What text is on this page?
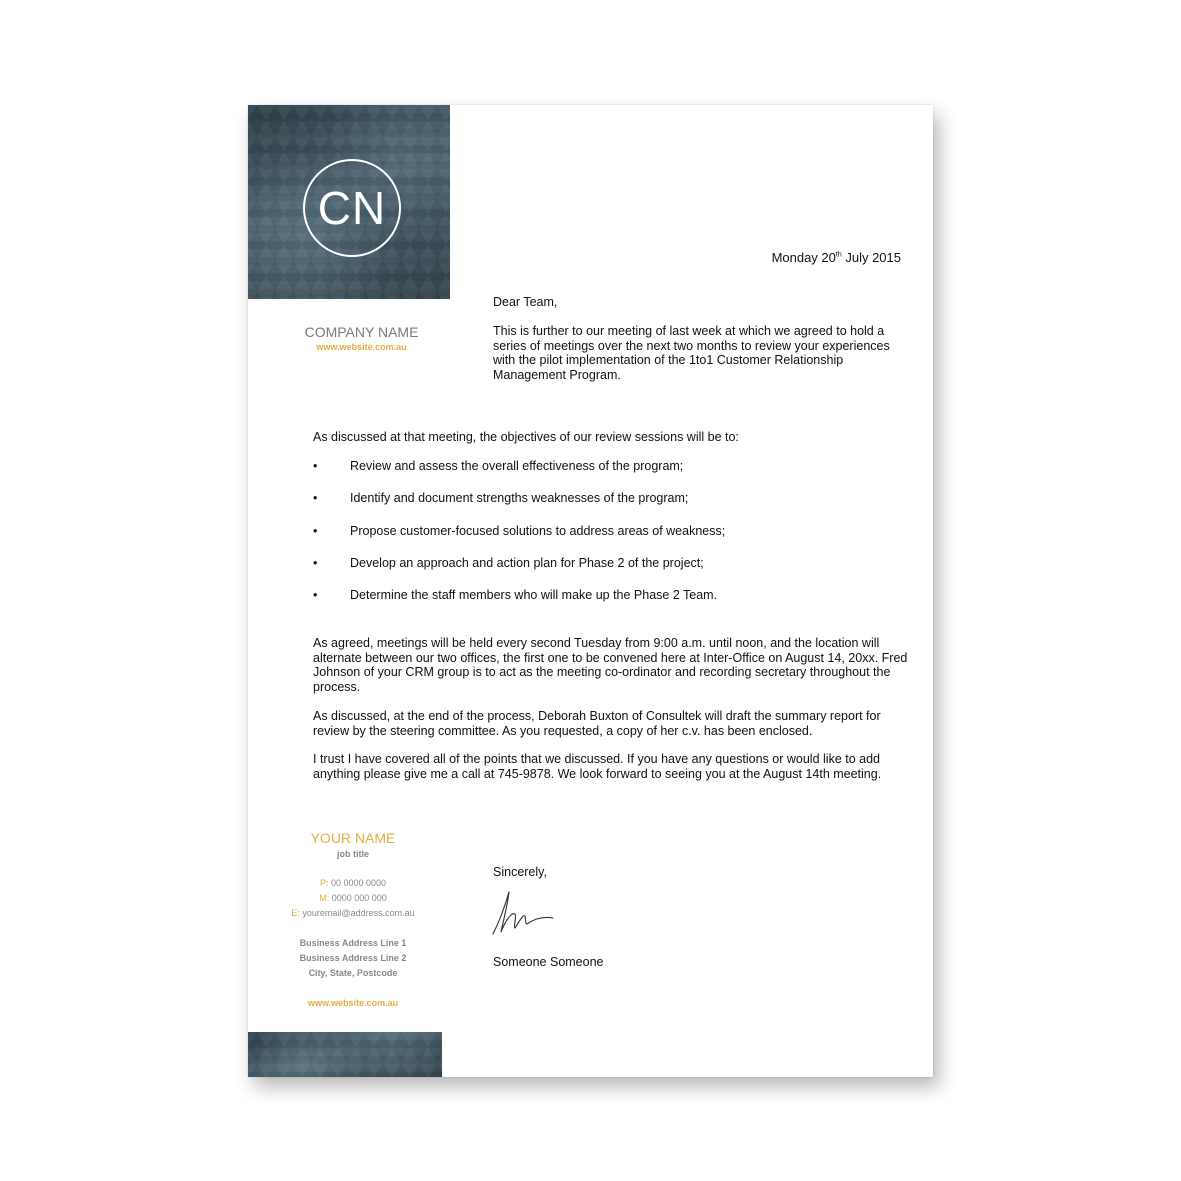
CN
COMPANY NAME
www.website.com.au
Monday 20th July 2015
Dear Team,
This is further to our meeting of last week at which we agreed to hold a series of meetings over the next two months to review your experiences with the pilot implementation of the 1to1 Customer Relationship Management Program.
As discussed at that meeting, the objectives of our review sessions will be to:
•	Review and assess the overall effectiveness of the program;
•	Identify and document strengths weaknesses of the program;
•	Propose customer-focused solutions to address areas of weakness;
•	Develop an approach and action plan for Phase 2 of the project;
•	Determine the staff members who will make up the Phase 2 Team.
As agreed, meetings will be held every second Tuesday from 9:00 a.m. until noon, and the location will alternate between our two offices, the first one to be convened here at Inter-Office on August 14, 20xx. Fred Johnson of your CRM group is to act as the meeting co-ordinator and recording secretary throughout the process.
As discussed, at the end of the process, Deborah Buxton of Consultek will draft the summary report for review by the steering committee. As you requested, a copy of her c.v. has been enclosed.
I trust I have covered all of the points that we discussed. If you have any questions or would like to add anything please give me a call at 745-9878. We look forward to seeing you at the August 14th meeting.
YOUR NAME
job title
P: 00 0000 0000
M: 0000 000 000
E: youremail@address.com.au
Business Address Line 1
Business Address Line 2
City, State, Postcode
www.website.com.au
Sincerely,
Someone Someone
